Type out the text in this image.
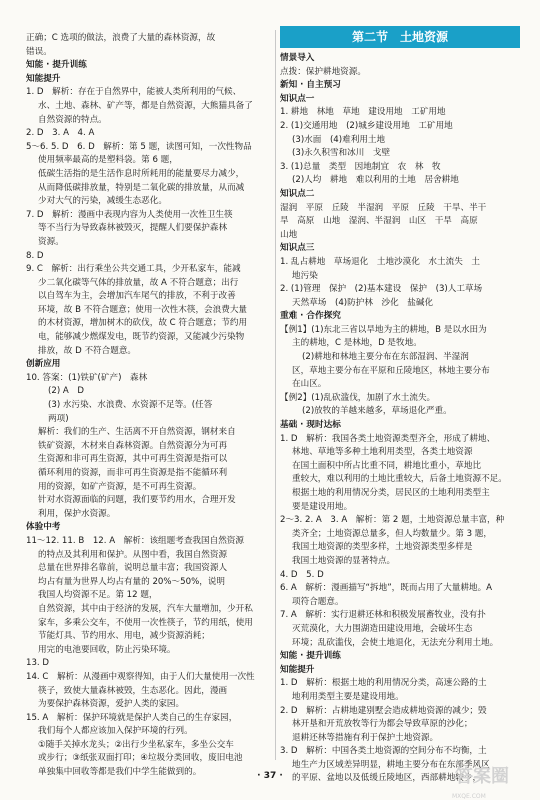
正确；C 选项的做法，浪费了大量的森林资源，故
错误。
知能 · 提升训练
知能提升
1. D　解析：存在于自然界中，能被人类所利用的气候、
水、土地、森林、矿产等，都是自然资源，大熊猫具备了
自然资源的特点。
2. D　3. A　4. A
5～6. 5. D　6. D　解析：第 5 题，读图可知，一次性物品
使用频率最高的是塑料袋。第 6 题，
低碳生活指的是生活作息时所耗用的能量要尽力减少，
从而降低碳排放量，特别是二氧化碳的排放量，从而减
少对大气的污染，减缓生态恶化。
7. D　解析：漫画中表现内容为人类使用一次性卫生筷
等不当行为导致森林被毁灭，提醒人们要保护森林
资源。
8. D
9. C　解析：出行乘坐公共交通工具，少开私家车，能减
少二氧化碳等气体的排放量，故 A 不符合题意；出行
以自驾车为主，会增加汽车尾气的排放，不利于改善
环境，故 B 不符合题意；使用一次性木筷，会浪费大量
的木材资源，增加树木的砍伐，故 C 符合题意；节约用
电，能够减少燃煤发电，既节约资源，又能减少污染物
排放，故 D 不符合题意。
创新应用
10. 答案：(1)铁矿(矿产)　森林
(2) A　D
(3) 水污染、水浪费、水资源不足等。(任答
两项)
解析：我们的生产、生活离不开自然资源，钢材来自
铁矿资源，木材来自森林资源。自然资源分为可再
生资源和非可再生资源，其中可再生资源是指可以
循环利用的资源，而非可再生资源是指不能循环利
用的资源，如矿产资源，是不可再生资源。
针对水资源面临的问题，我们要节约用水，合理开发
利用，保护水资源。
体验中考
11～12. 11. B　12. A　解析：该组题考查我国自然资源
的特点及其利用和保护。从图中看，我国自然资源
总量在世界排名靠前，说明总量丰富；我国资源人
均占有量为世界人均占有量的 20%～50%，说明
我国人均资源不足。第 12 题，
自然资源，其中由于经济的发展，汽车大量增加，少开私
家车，多乘公交车，不使用一次性筷子，节约用纸，使用
节能灯具、节约用水、用电，减少资源消耗；
用完的电池要回收，防止污染环境。
13. D
14. C　解析：从漫画中观察得知，由于人们大量使用一次性
筷子，致使大量森林被毁，生态恶化。因此，漫画
为要保护森林资源，爱护人类的家园。
15. A　解析：保护环境就是保护人类自己的生存家园，
我们每个人都应该加入保护环境的行列。
①随手关掉水龙头；②出行少坐私家车，多坐公交车
或步行；③纸张双面打印；④垃圾分类回收，废旧电池
单独集中回收等都是我们中学生能做到的。
第二节　土地资源
情景导入
点拨：保护耕地资源。
新知 · 自主预习
知识点一
1. 耕地　林地　草地　建设用地　工矿用地
2. (1)交通用地　(2)城乡建设用地　工矿用地
(3)水面　(4)难利用土地
(3)永久积雪和冰川　戈壁
3. (1)总量　类型　因地制宜　农　林　牧
(2)人均　耕地　难以利用的土地　居舍耕地
知识点二
湿润　平原　丘陵　半湿润　平原　丘陵　干旱、半干
旱　高原　山地　湿润、半湿润　山区　干旱　高原
山地
知识点三
1. 乱占耕地　草场退化　土地沙漠化　水土流失　土
地污染
2. (1)管理　保护　(2)基本建设　保护　(3)人工草场
天然草场　(4)防护林　沙化　盐碱化
重难 · 合作探究
【例1】(1)东北三省以旱地为主的耕地，B 是以水田为
主的耕地，C 是林地，D 是牧地。
(2)耕地和林地主要分布在东部湿润、半湿润
区，草地主要分布在平原和丘陵地区，林地主要分布
在山区。
【例2】(1)乱砍滥伐，加剧了水土流失。
(2)放牧的羊越来越多，草场退化严重。
基础 · 现时达标
1. D　解析：我国各类土地资源类型齐全，形成了耕地、
林地、草地等多种土地利用类型，各类土地资源
在国土面积中所占比重不同，耕地比重小，草地比
重较大，难以利用的土地比重较大，后备土地资源不足。
根据土地的利用情况分类，居民区的土地利用类型主
要是建设用地。
2～3. 2. A　3. A　解析：第 2 题，土地资源总量丰富，种
类齐全；土地资源总量多，但人均数量少。第 3 题，
我国土地资源的类型多样，土地资源类型多样是
我国土地资源的显著特点。
4. D　5. D
6. A　解析：漫画描写“拆地”，既而占用了大量耕地。A
项符合题意。
7. A　解析：实行退耕还林和积极发展畜牧业，没有扑
灭荒漠化，大力围湖造田建设用地，会破坏生态
环境；乱砍滥伐，会使土地退化，无法充分利用土地。
知能 · 提升训练
知能提升
1. D　解析：根据土地的利用情况分类，高速公路的土
地利用类型主要是建设用地。
2. D　解析：占耕地建别墅会造成耕地资源的减少；毁
林开垦和开荒放牧等行为都会导致草原的沙化；
退耕还林等措施有利于保护土地资源。
3. D　解析：中国各类土地资源的空间分布不均衡，土
地生产力区域差异明显，耕地主要分布在东部季风区
的平原、盆地以及低缓丘陵地区，西部耕地较少，
· 37 ·	答案圈
MXQE.COM
